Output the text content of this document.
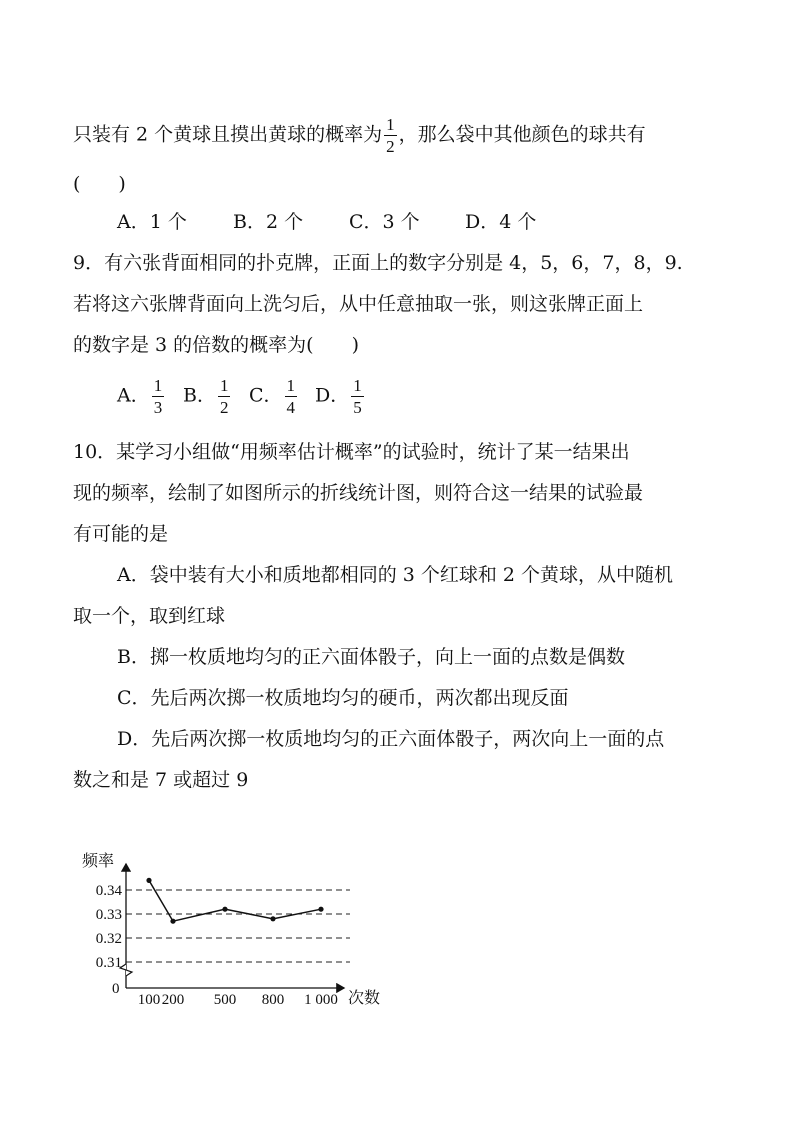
只装有 2 个黄球且摸出黄球的概率为 $\frac{1}{2}$ ，那么袋中其他颜色的球共有
(　　)
A．1 个 B．2 个 C．3 个 D．4 个
9．有六张背面相同的扑克牌，正面上的数字分别是 4，5，6，7，8，9.
若将这六张牌背面向上洗匀后，从中任意抽取一张，则这张牌正面上
的数字是 3 的倍数的概率为(　　)
A． $\frac{1}{3}$ B． $\frac{1}{2}$ C． $\frac{1}{4}$ D． $\frac{1}{5}$
10．某学习小组做“用频率估计概率”的试验时，统计了某一结果出
现的频率，绘制了如图所示的折线统计图，则符合这一结果的试验最
有可能的是
A．袋中装有大小和质地都相同的 3 个红球和 2 个黄球，从中随机
取一个，取到红球
B．掷一枚质地均匀的正六面体骰子，向上一面的点数是偶数
C．先后两次掷一枚质地均匀的硬币，两次都出现反面
D．先后两次掷一枚质地均匀的正六面体骰子，两次向上一面的点
数之和是 7 或超过 9
频率
次数
0
0.31
0.32
0.33
0.34
100 200 500 800 1 000
